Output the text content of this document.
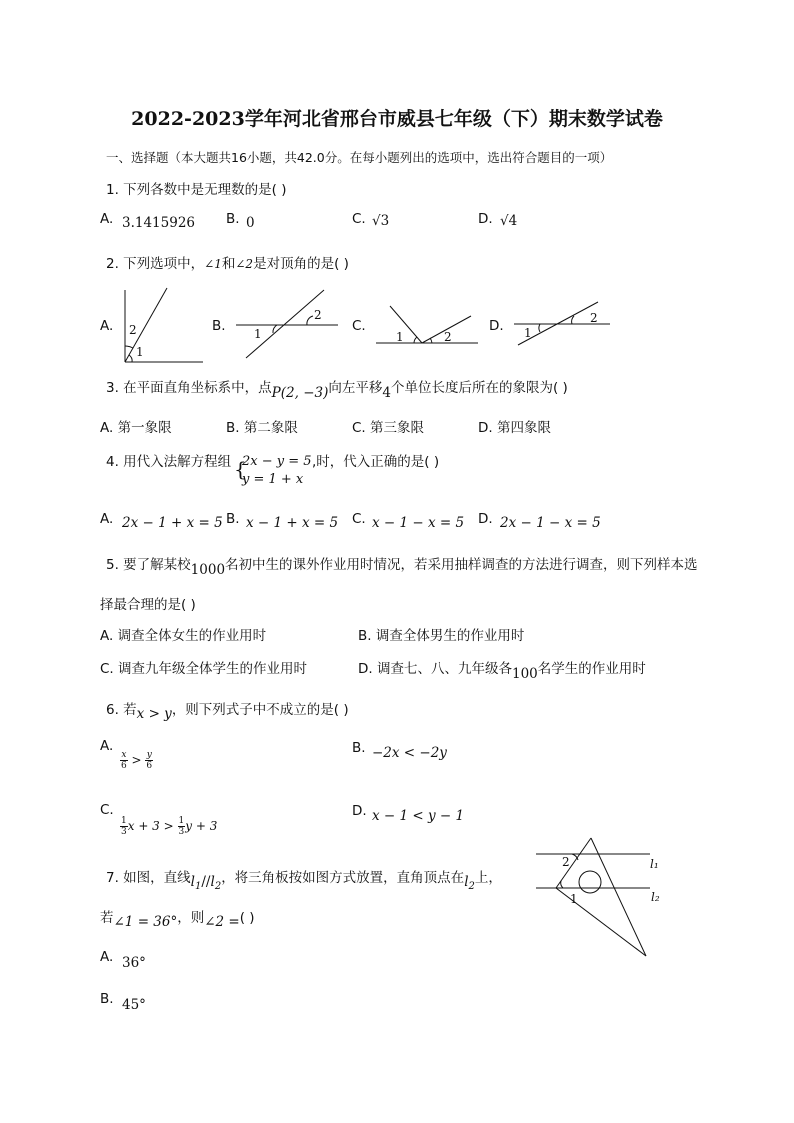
2022-2023学年河北省邢台市威县七年级（下）期末数学试卷
一、选择题（本大题共16小题，共42.0分。在每小题列出的选项中，选出符合题目的一项）
1. 下列各数中是无理数的是( )
A. 3.1415926 B. 0	C. √3	D. √4
2. 下列选项中，∠1和∠2是对顶角的是( )
A.	B.	C.	D.
2
1
1
2
1	2	1
2
3. 在平面直角坐标系中，点P(2, −3)向左平移4个单位长度后所在的象限为( )
A. 第一象限	B. 第二象限	C. 第三象限	D. 第四象限
4. 用代入法解方程组 {
2x − y = 5
y = 1 + x
,时，代入正确的是( )
A. 2x − 1 + x = 5 B. x − 1 + x = 5 C. x − 1 − x = 5 D. 2x − 1 − x = 5
5. 要了解某校1000名初中生的课外作业用时情况，若采用抽样调查的方法进行调查，则下列样本选
择最合理的是( )
A. 调查全体女生的作业用时	B. 调查全体男生的作业用时
C. 调查九年级全体学生的作业用时	D. 调查七、八、九年级各100名学生的作业用时
6. 若x > y，则下列式子中不成立的是( )
A.
$\frac{x}{6} > \frac{y}{6}$
B. −2x < −2y
C.
$\frac{1}{3}$ $x + 3 > \frac{1}{3}$ y + 3
D. x − 1 < y − 1
7. 如图，直线$l_1//l_2$，将三角板按如图方式放置，直角顶点在$l_2$上，
若∠1 = 36°，则∠2 =( )
A. 36°
B. 45°
2
1
l₁
l₂
